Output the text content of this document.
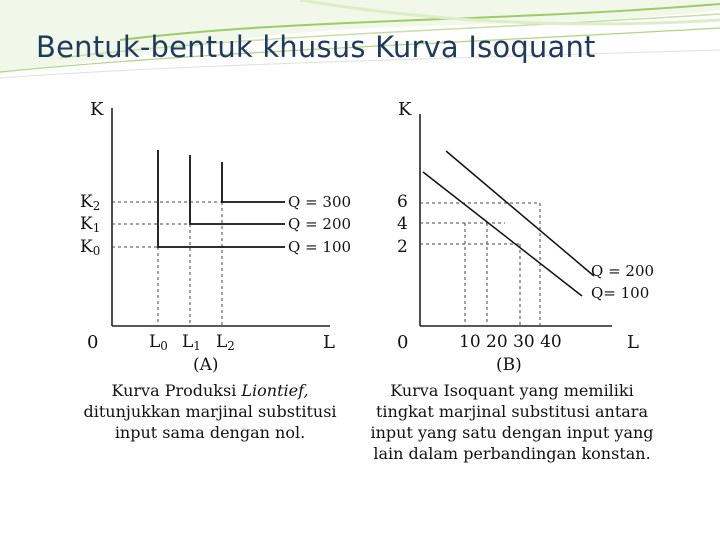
Bentuk-bentuk khusus Kurva Isoquant
K
L
0
$K_2$
$K_1$
$K_0$
$L_0$ $L_1$ $L_2$
Q = 300
Q = 200
Q = 100
(A)
Kurva Produksi Liontief,
ditunjukkan marjinal substitusi
input sama dengan nol.
K
L
0
6
4
2
10 20 30 40
Q = 200
Q= 100
(B)
Kurva Isoquant yang memiliki
tingkat marjinal substitusi antara
input yang satu dengan input yang
lain dalam perbandingan konstan.
